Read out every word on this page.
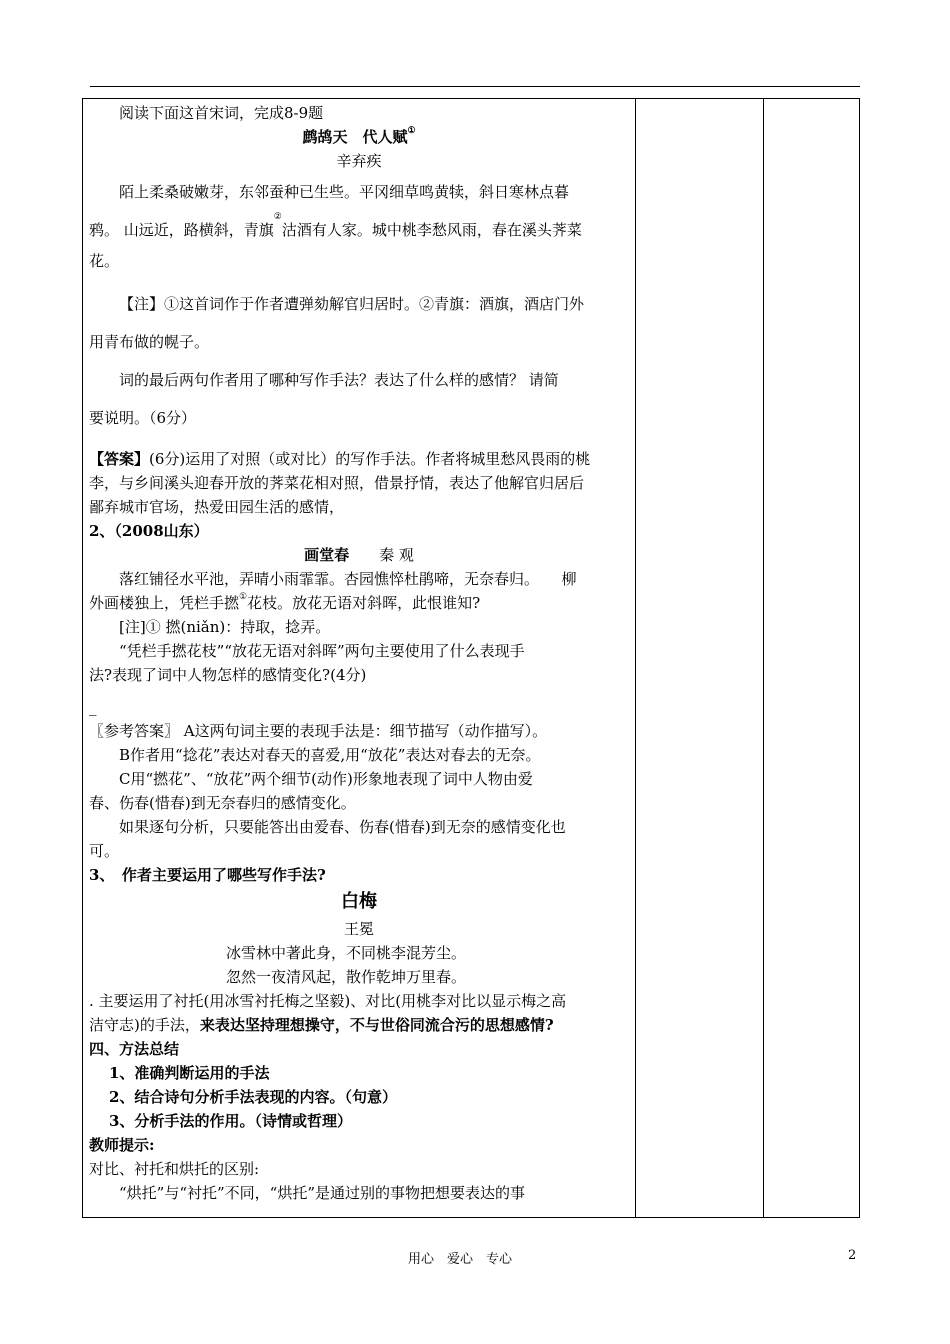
阅读下面这首宋词，完成8-9题
鹧鸪天　代人赋①
辛弃疾
陌上柔桑破嫩芽，东邻蚕种已生些。平冈细草鸣黄犊，斜日寒林点暮
鸦。 山远近，路横斜，青旗②沽酒有人家。城中桃李愁风雨，春在溪头荠菜
花。
【注】①这首词作于作者遭弹劾解官归居时。②青旗：酒旗，酒店门外
用青布做的幌子。
词的最后两句作者用了哪种写作手法？表达了什么样的感情？ 请简
要说明。（6分）
【答案】(6分)运用了对照（或对比）的写作手法。作者将城里愁风畏雨的桃
李，与乡间溪头迎春开放的荠菜花相对照，借景抒情，表达了他解官归居后
鄙弃城市官场，热爱田园生活的感情，
2、（2008山东）
画堂春　　 秦 观
落红铺径水平池，弄晴小雨霏霏。杏园憔悴杜鹃啼，无奈春归。　　柳
外画楼独上，凭栏手撚①花枝。放花无语对斜晖，此恨谁知?
[注]① 撚(niǎn)：持取，捻弄。
“凭栏手撚花枝”“放花无语对斜晖”两句主要使用了什么表现手
法?表现了词中人物怎样的感情变化?(4分)
_
〖参考答案〗 A这两句词主要的表现手法是：细节描写（动作描写）。
B作者用“捻花”表达对春天的喜爱,用“放花”表达对春去的无奈。
C用“撚花”、“放花”两个细节(动作)形象地表现了词中人物由爱
春、伤春(惜春)到无奈春归的感情变化。
如果逐句分析，只要能答出由爱春、伤春(惜春)到无奈的感情变化也
可。
3、　作者主要运用了哪些写作手法?
白梅
王冕
冰雪林中著此身，不同桃李混芳尘。
忽然一夜清风起，散作乾坤万里春。
. 主要运用了衬托(用冰雪衬托梅之坚毅)、对比(用桃李对比以显示梅之高
洁守志)的手法，来表达坚持理想操守，不与世俗同流合污的思想感情?
四、方法总结
1、准确判断运用的手法
2、结合诗句分析手法表现的内容。（句意）
3、分析手法的作用。（诗情或哲理）
教师提示:
对比、衬托和烘托的区别:
“烘托”与“衬托”不同，“烘托”是通过别的事物把想要表达的事
用心　爱心　专心	2
